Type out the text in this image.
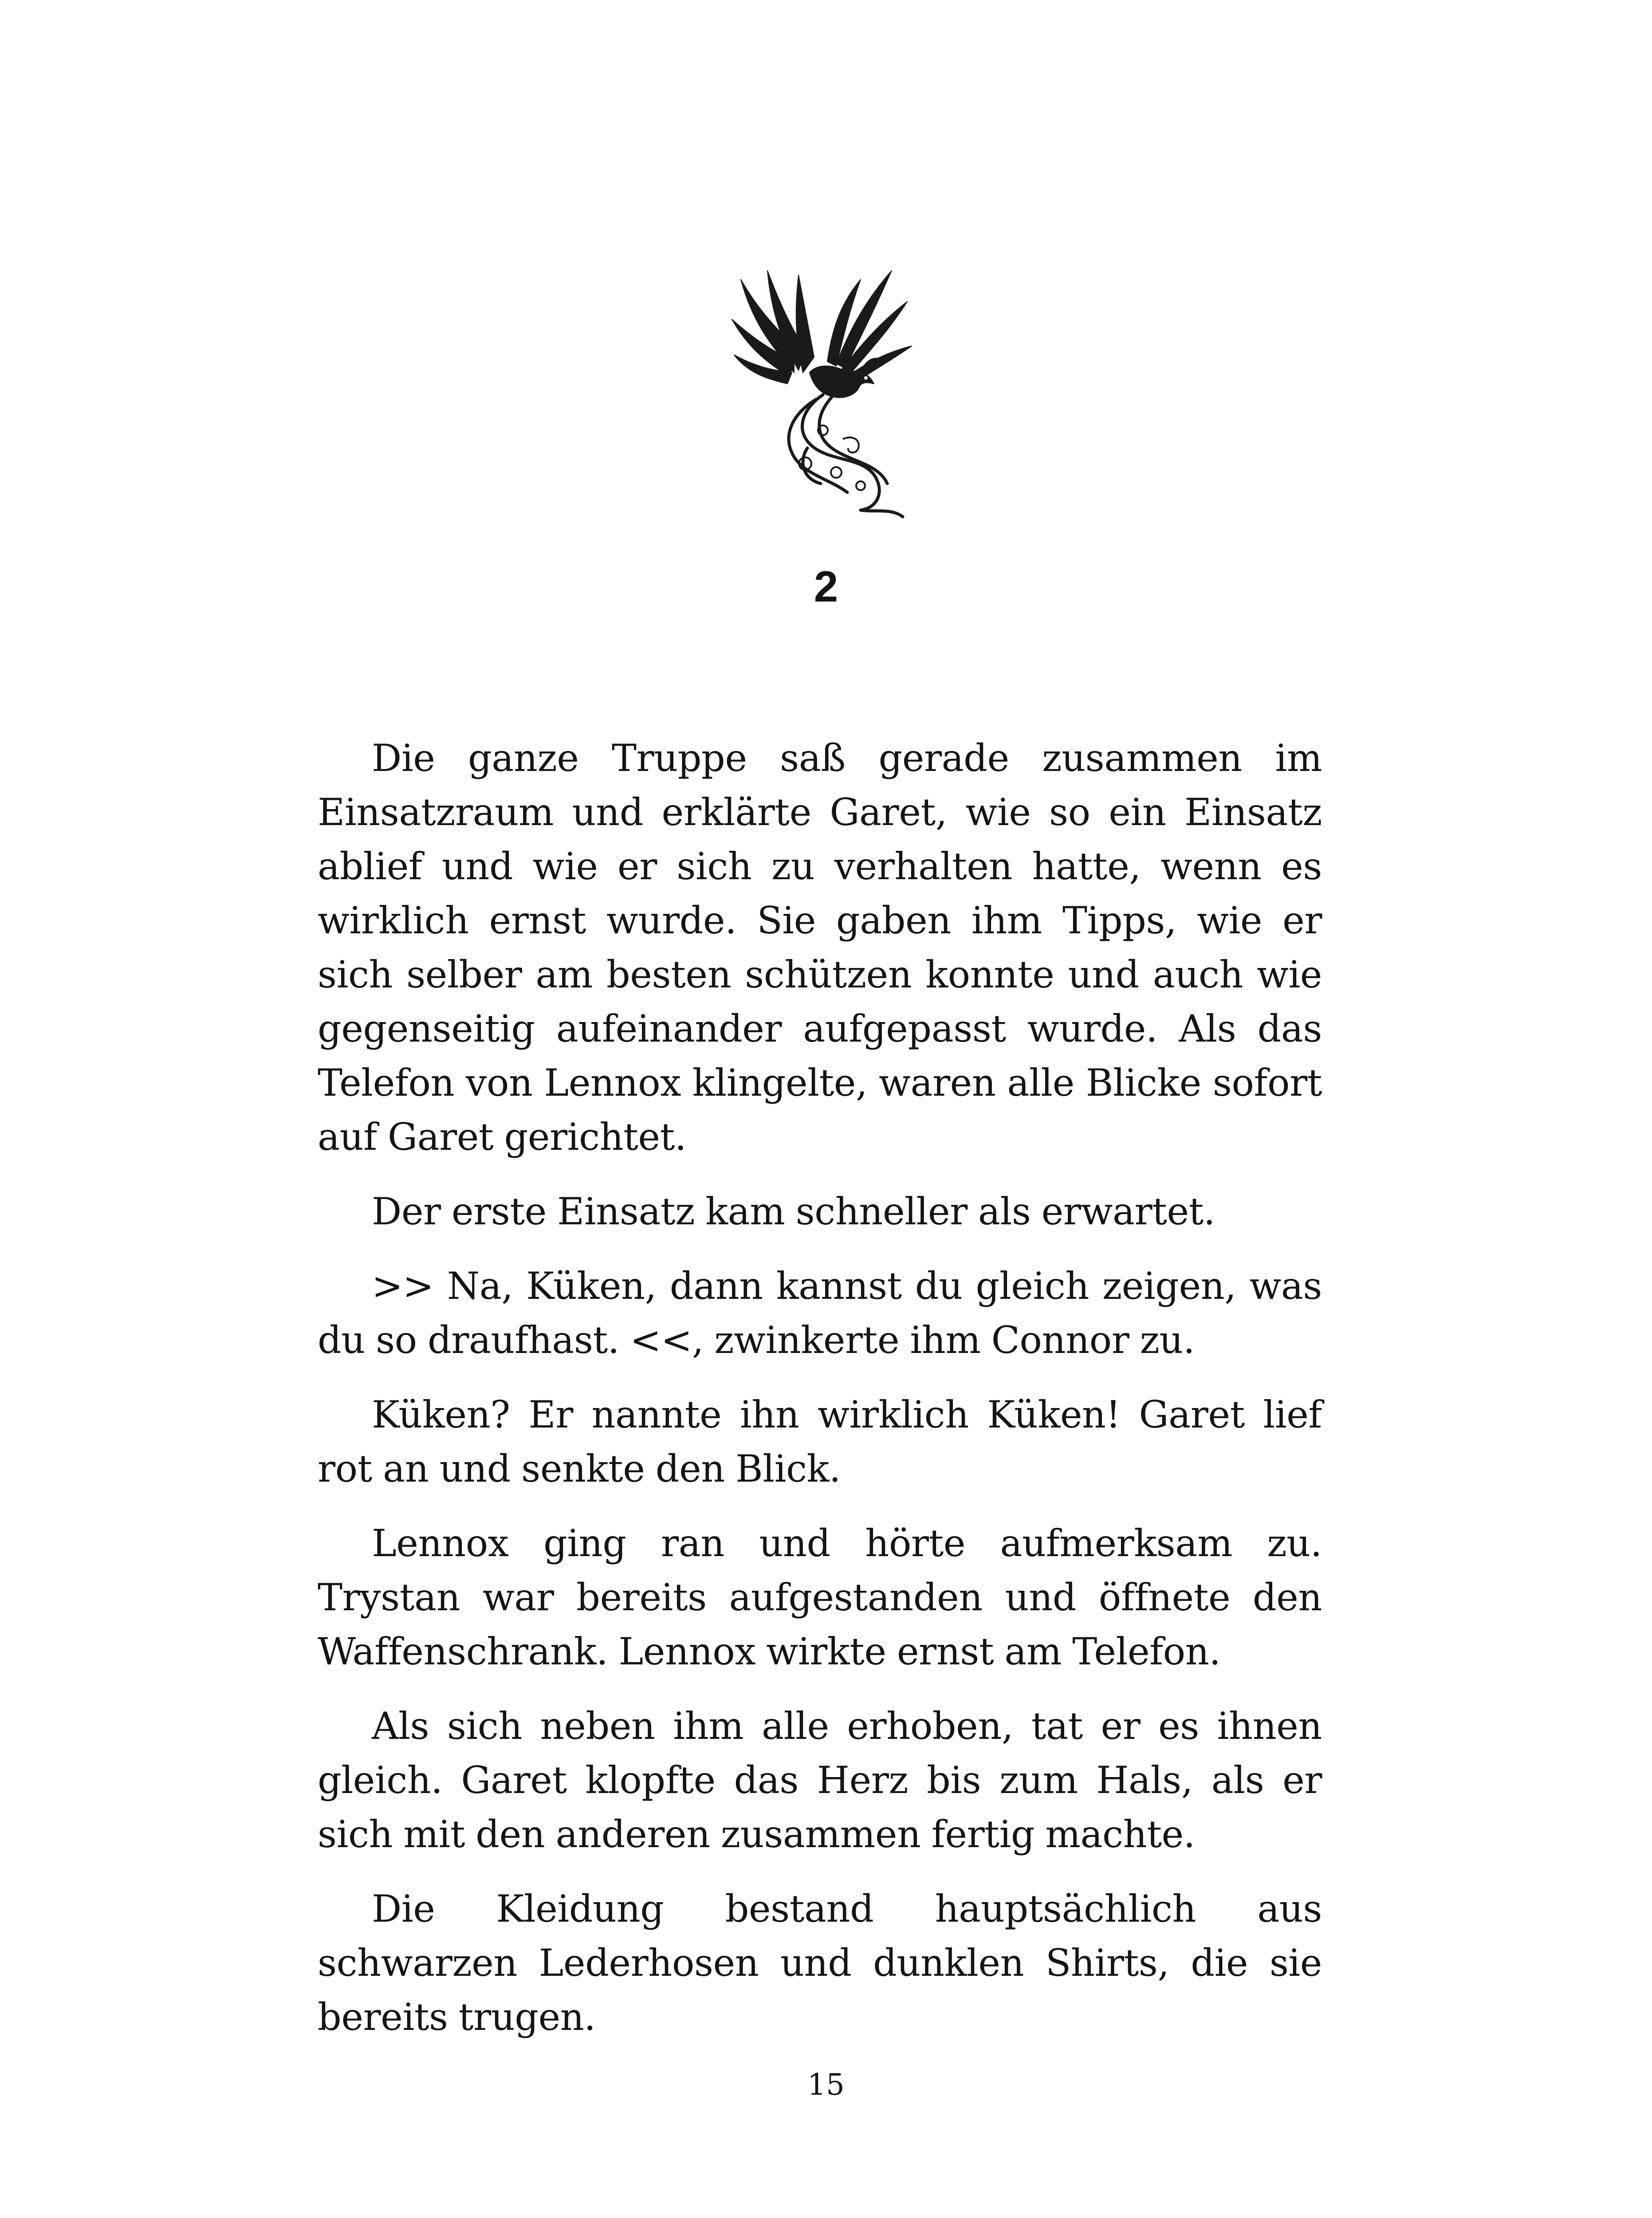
2

Die ganze Truppe saß gerade zusammen im Einsatzraum und erklärte Garet, wie so ein Einsatz ablief und wie er sich zu verhalten hatte, wenn es wirklich ernst wurde. Sie gaben ihm Tipps, wie er sich selber am besten schützen konnte und auch wie gegenseitig aufeinander aufgepasst wurde. Als das Telefon von Lennox klingelte, waren alle Blicke sofort auf Garet gerichtet.

Der erste Einsatz kam schneller als erwartet.

>> Na, Küken, dann kannst du gleich zeigen, was du so draufhast. <<, zwinkerte ihm Connor zu.

Küken? Er nannte ihn wirklich Küken! Garet lief rot an und senkte den Blick.

Lennox ging ran und hörte aufmerksam zu. Trystan war bereits aufgestanden und öffnete den Waffenschrank. Lennox wirkte ernst am Telefon.

Als sich neben ihm alle erhoben, tat er es ihnen gleich. Garet klopfte das Herz bis zum Hals, als er sich mit den anderen zusammen fertig machte.

Die Kleidung bestand hauptsächlich aus schwarzen Lederhosen und dunklen Shirts, die sie bereits trugen.

15
